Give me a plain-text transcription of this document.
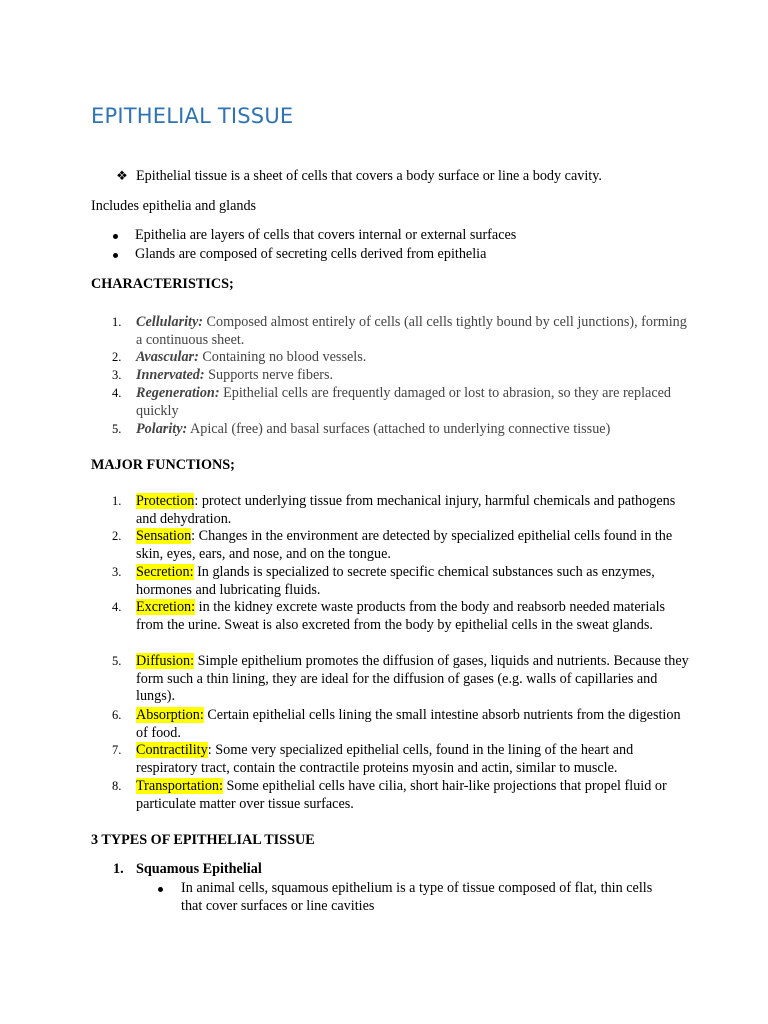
EPITHELIAL TISSUE
❖ Epithelial tissue is a sheet of cells that covers a body surface or line a body cavity.
Includes epithelia and glands
Epithelia are layers of cells that covers internal or external surfaces
Glands are composed of secreting cells derived from epithelia
CHARACTERISTICS;
1. Cellularity: Composed almost entirely of cells (all cells tightly bound by cell junctions), forming a continuous sheet.
2. Avascular: Containing no blood vessels.
3. Innervated: Supports nerve fibers.
4. Regeneration: Epithelial cells are frequently damaged or lost to abrasion, so they are replaced quickly
5. Polarity: Apical (free) and basal surfaces (attached to underlying connective tissue)
MAJOR FUNCTIONS;
1. Protection: protect underlying tissue from mechanical injury, harmful chemicals and pathogens and dehydration.
2. Sensation: Changes in the environment are detected by specialized epithelial cells found in the skin, eyes, ears, and nose, and on the tongue.
3. Secretion: In glands is specialized to secrete specific chemical substances such as enzymes, hormones and lubricating fluids.
4. Excretion: in the kidney excrete waste products from the body and reabsorb needed materials from the urine. Sweat is also excreted from the body by epithelial cells in the sweat glands.
5. Diffusion: Simple epithelium promotes the diffusion of gases, liquids and nutrients. Because they form such a thin lining, they are ideal for the diffusion of gases (e.g. walls of capillaries and lungs).
6. Absorption: Certain epithelial cells lining the small intestine absorb nutrients from the digestion of food.
7. Contractility: Some very specialized epithelial cells, found in the lining of the heart and respiratory tract, contain the contractile proteins myosin and actin, similar to muscle.
8. Transportation: Some epithelial cells have cilia, short hair-like projections that propel fluid or particulate matter over tissue surfaces.
3 TYPES OF EPITHELIAL TISSUE
1. Squamous Epithelial
In animal cells, squamous epithelium is a type of tissue composed of flat, thin cells that cover surfaces or line cavities
